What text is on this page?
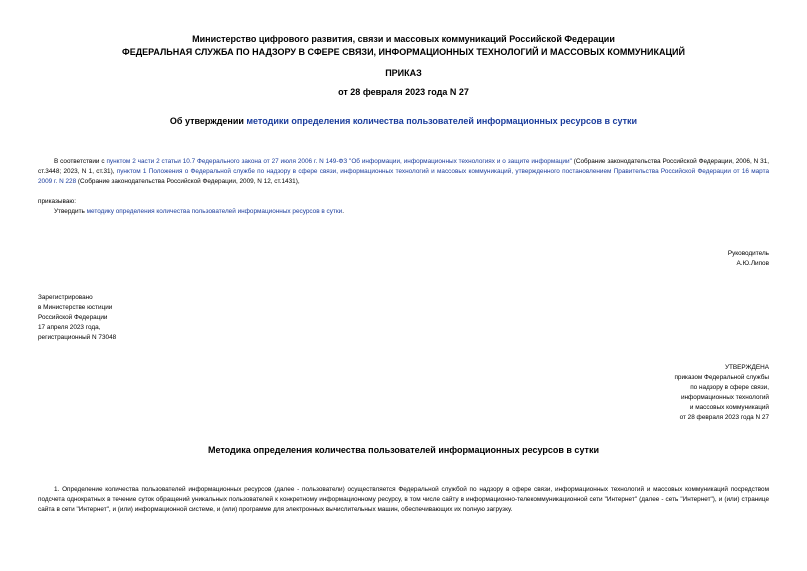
Министерство цифрового развития, связи и массовых коммуникаций Российской Федерации
ФЕДЕРАЛЬНАЯ СЛУЖБА ПО НАДЗОРУ В СФЕРЕ СВЯЗИ, ИНФОРМАЦИОННЫХ ТЕХНОЛОГИЙ И МАССОВЫХ КОММУНИКАЦИЙ
ПРИКАЗ
от 28 февраля 2023 года N 27
Об утверждении методики определения количества пользователей информационных ресурсов в сутки
В соответствии с пунктом 2 части 2 статьи 10.7 Федерального закона от 27 июля 2006 г. N 149-ФЗ "Об информации, информационных технологиях и о защите информации" (Собрание законодательства Российской Федерации, 2006, N 31, ст.3448; 2023, N 1, ст.31), пунктом 1 Положения о Федеральной службе по надзору в сфере связи, информационных технологий и массовых коммуникаций, утвержденного постановлением Правительства Российской Федерации от 16 марта 2009 г. N 228 (Собрание законодательства Российской Федерации, 2009, N 12, ст.1431),
приказываю:
Утвердить методику определения количества пользователей информационных ресурсов в сутки.
Руководитель
А.Ю.Липов
Зарегистрировано
в Министерстве юстиции
Российской Федерации
17 апреля 2023 года,
регистрационный N 73048
УТВЕРЖДЕНА
приказом Федеральной службы
по надзору в сфере связи,
информационных технологий
и массовых коммуникаций
от 28 февраля 2023 года N 27
Методика определения количества пользователей информационных ресурсов в сутки
1. Определение количества пользователей информационных ресурсов (далее - пользователи) осуществляется Федеральной службой по надзору в сфере связи, информационных технологий и массовых коммуникаций посредством подсчета однократных в течение суток обращений уникальных пользователей к конкретному информационному ресурсу, в том числе сайту в информационно-телекоммуникационной сети "Интернет" (далее - сеть "Интернет"), и (или) странице сайта в сети "Интернет", и (или) информационной системе, и (или) программе для электронных вычислительных машин, обеспечивающих их полную загрузку.
